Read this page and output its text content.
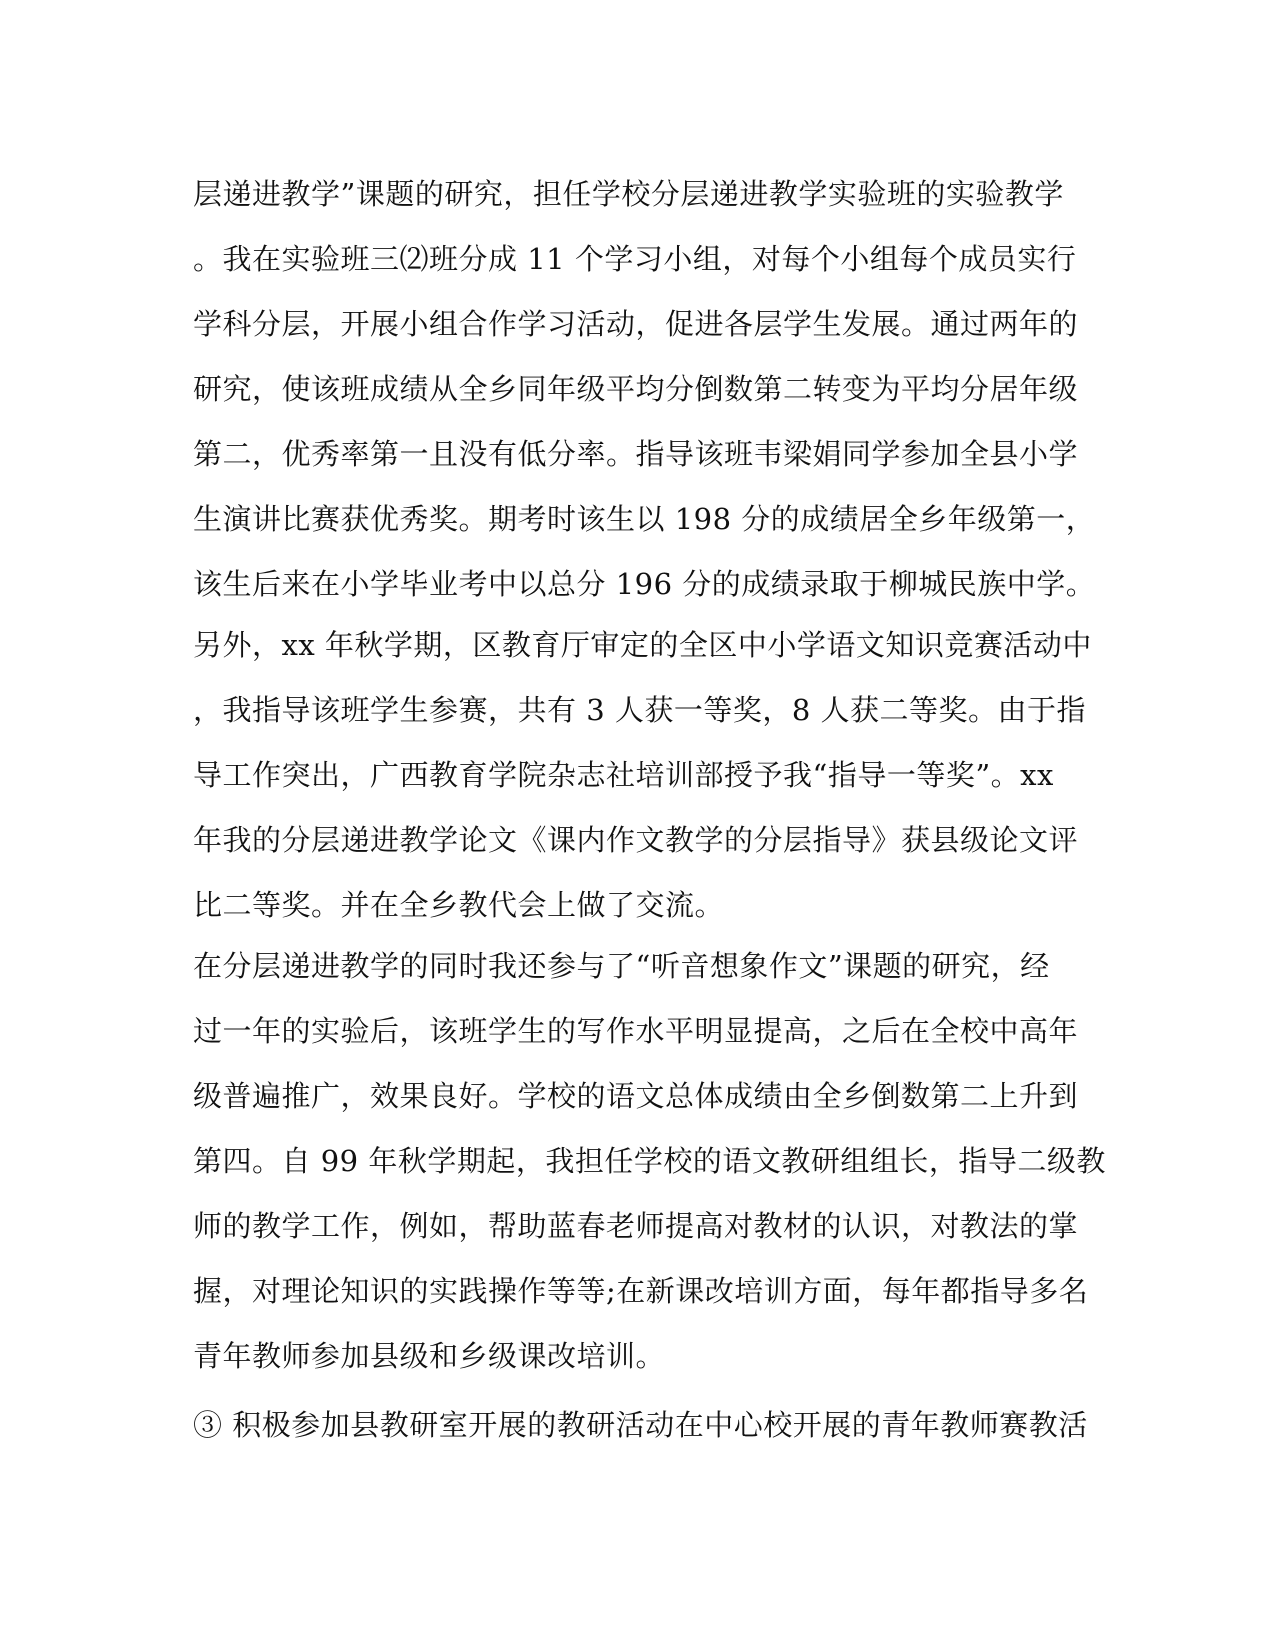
层递进教学”课题的研究，担任学校分层递进教学实验班的实验教学
。我在实验班三⑵班分成 11 个学习小组，对每个小组每个成员实行
学科分层，开展小组合作学习活动，促进各层学生发展。通过两年的
研究，使该班成绩从全乡同年级平均分倒数第二转变为平均分居年级
第二，优秀率第一且没有低分率。指导该班韦梁娟同学参加全县小学
生演讲比赛获优秀奖。期考时该生以 198 分的成绩居全乡年级第一，
该生后来在小学毕业考中以总分 196 分的成绩录取于柳城民族中学。
另外，xx 年秋学期，区教育厅审定的全区中小学语文知识竞赛活动中
，我指导该班学生参赛，共有 3 人获一等奖，8 人获二等奖。由于指
导工作突出，广西教育学院杂志社培训部授予我“指导一等奖”。xx
年我的分层递进教学论文《课内作文教学的分层指导》获县级论文评
比二等奖。并在全乡教代会上做了交流。
在分层递进教学的同时我还参与了“听音想象作文”课题的研究，经
过一年的实验后，该班学生的写作水平明显提高，之后在全校中高年
级普遍推广，效果良好。学校的语文总体成绩由全乡倒数第二上升到
第四。自 99 年秋学期起，我担任学校的语文教研组组长，指导二级教
师的教学工作，例如，帮助蓝春老师提高对教材的认识，对教法的掌
握，对理论知识的实践操作等等;在新课改培训方面，每年都指导多名
青年教师参加县级和乡级课改培训。
③ 积极参加县教研室开展的教研活动在中心校开展的青年教师赛教活
